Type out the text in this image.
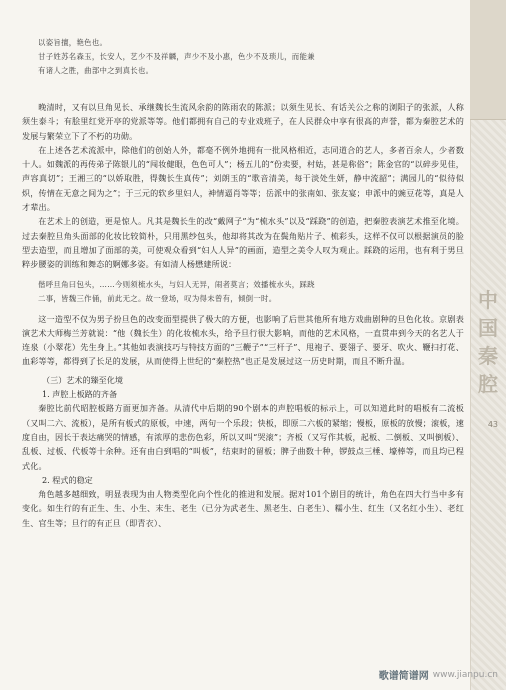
以姿旨擅，艳色也。

甘子姓苏名森玉，长安人，艺少不及祥麟，声少不及小惠，色少不及琐儿，而能兼

有诸人之胜，曲部中之到真长也。

晚清时，又有以旦角见长、承继魏长生流风余韵的陈雨农的陈派；以须生见长、有话关公之称的浏阳子的张派，人称须生泰斗；有脍里红党开亭的党派等等。他们都拥有自己的专业戏班子，在人民群众中享有很高的声誉，都为秦腔艺术的发展与繁荣立下了不朽的功勋。

在上述各艺术流派中，除他们的创始人外，都毫不例外地拥有一批风格相近，志同道合的艺人，多者百余人，少者数十人。如魏派的再传弟子陈银儿的“闯妆健眼，色色可人”；杨五儿的“份卖要，村姑，甚是称俗”；陈金官的“以碎步见佳，声容真切”；王湘三的“以娇取胜，得魏长生真传”；刘朗玉的“歌音清美，每于淡处生妍，静中流韶”；满园儿的“似待似炽，传情在无意之间为之”；于三元的软乡里妇人，神情逼肖等等；岳派中的张南如、张友宴；申派中的豌豆花等，真是人才辈出。

在艺术上的创造，更是惊人。凡其是魏长生的改“戴网子”为“梳水头”以及“踩跷”的创造，把秦腔表演艺术推至化境。过去秦腔旦角头面部的化妆比较简朴，只用黑纱包头，他却将其改为在鬓角贴片子、梳彩头，这样不仅可以根据演员的脸型去造型，而且增加了面部的美，可使观众看到“妇人人异”的画面，造型之美令人叹为观止。踩跷的运用，也有利于男旦粹步腰姿的训练和舞态的婀娜多姿。有如清人杨懋建所说：

偕呼旦角曰包头，……今则须梳水头，与妇人无异，闹者莫言；效播梳水头，踩跷

二事，皆魏三作俑，前此无之。故一登场，叹为得未曾有，倾倒一时。

这一造型不仅为男子扮旦色的改变面型提供了极大的方便，也影响了后世其他所有地方戏曲剧种的旦色化妆。京剧表演艺术大师梅兰芳就说：“他（魏长生）的化妆梳水头，给予旦行很大影响，而他的艺术风格，一直贯串到今天的名艺人于连泉（小翠花）先生身上。”其他如表演技巧与特技方面的“三鞭子”“三杆子”、甩袍子、要翎子、要牙、吹火、鞭扫打花、血彩等等，都得到了长足的发展，从而使得上世纪的“秦腔热”也正是发展过这一历史时期，而且不断升温。

（三）艺术的臻至化境
1. 声腔上板路的齐备

秦腔比前代昭腔板路方面更加齐备。从清代中后期的90个剧本的声腔唱板的标示上，可以知道此时的唱板有二流板（又叫二六、流板），是所有板式的原板，中速，两句一个乐段；快板，即原二六板的紧缩；慢板，原板的放慢；滚板，速度自由，因长于表达痛哭的情感，有浓厚的悲伤色彩，所以又叫“哭滚”；齐板（又写作其板，起板、二倒板、又叫倒板）、乱板、过板、代板等十余种。还有由白到唱的“叫板”，结束时的留板；脾子曲数十种，锣鼓点三棰、壕棒等，而且均已程式化。

2. 程式的稳定

角色越多越细致，明显表现为由人物类型化向个性化的推进和发展。据对101个剧目的统计，角色在四大行当中多有变化。如生行的有正生、生、小生、末生、老生（已分为武老生、黑老生、白老生）、糯小生、红生（又名红小生）、老红生、官生等；旦行的有正旦（即青衣）、

中
国
秦
腔
43
歌谱简谱网 www.jianpu.cn
